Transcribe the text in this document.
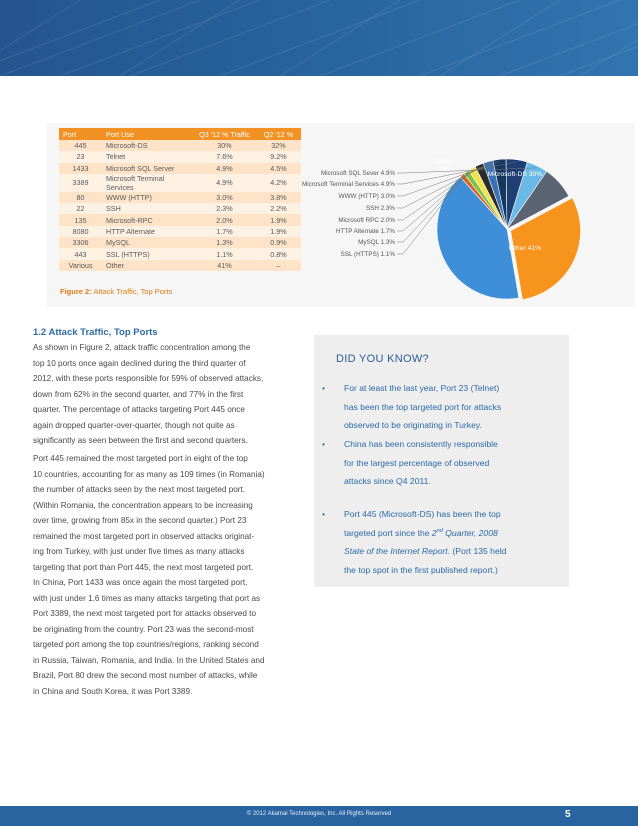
Port	Port Use	Q3 '12 % Traffic	Q2 '12 %
445	Microsoft-DS	30%	32%
23	Telnet	7.6%	9.2%
1433	Microsoft SQL Server	4.9%	4.5%
3389	Microsoft Terminal Services	4.9%	4.2%
80	WWW (HTTP)	3.0%	3.8%
22	SSH	2.3%	2.2%
135	Microsoft-RPC	2.0%	1.9%
8080	HTTP Alternate	1.7%	1.9%
3306	MySQL	1.3%	0.9%
443	SSL (HTTPS)	1.1%	0.8%
Various	Other	41%	–
Figure 2: Attack Traffic, Top Ports
Microsoft-DS 30%
Other 41%
Telnet
7.6%
Microsoft SQL Sever 4.9%
Microsoft Terminal Services 4.9%
WWW (HTTP) 3.0%
SSH 2.3%
Microsoft RPC 2.0%
HTTP Alternate 1.7%
MySQL 1.3%
SSL (HTTPS) 1.1%
1.2 Attack Traffic, Top Ports
As shown in Figure 2, attack traffic concentration among the
top 10 ports once again declined during the third quarter of
2012, with these ports responsible for 59% of observed attacks,
down from 62% in the second quarter, and 77% in the first
quarter. The percentage of attacks targeting Port 445 once
again dropped quarter-over-quarter, though not quite as
significantly as seen between the first and second quarters.
Port 445 remained the most targeted port in eight of the top
10 countries, accounting for as many as 109 times (in Romania)
the number of attacks seen by the next most targeted port.
(Within Romania, the concentration appears to be increasing
over time, growing from 85x in the second quarter.) Port 23
remained the most targeted port in observed attacks originat-
ing from Turkey, with just under five times as many attacks
targeting that port than Port 445, the next most targeted port.
In China, Port 1433 was once again the most targeted port,
with just under 1.6 times as many attacks targeting that port as
Port 3389, the next most targeted port for attacks observed to
be originating from the country. Port 23 was the second-most
targeted port among the top countries/regions, ranking second
in Russia, Taiwan, Romania, and India. In the United States and
Brazil, Port 80 drew the second most number of attacks, while
in China and South Korea, it was Port 3389.
DID YOU KNOW?
• For at least the last year, Port 23 (Telnet)
has been the top targeted port for attacks
observed to be originating in Turkey.
• China has been consistently responsible
for the largest percentage of observed
attacks since Q4 2011.
• Port 445 (Microsoft-DS) has been the top
targeted port since the 2nd Quarter, 2008
State of the Internet Report. (Port 135 held
the top spot in the first published report.)
© 2012 Akamai Technologies, Inc. All Rights Reserved	5
